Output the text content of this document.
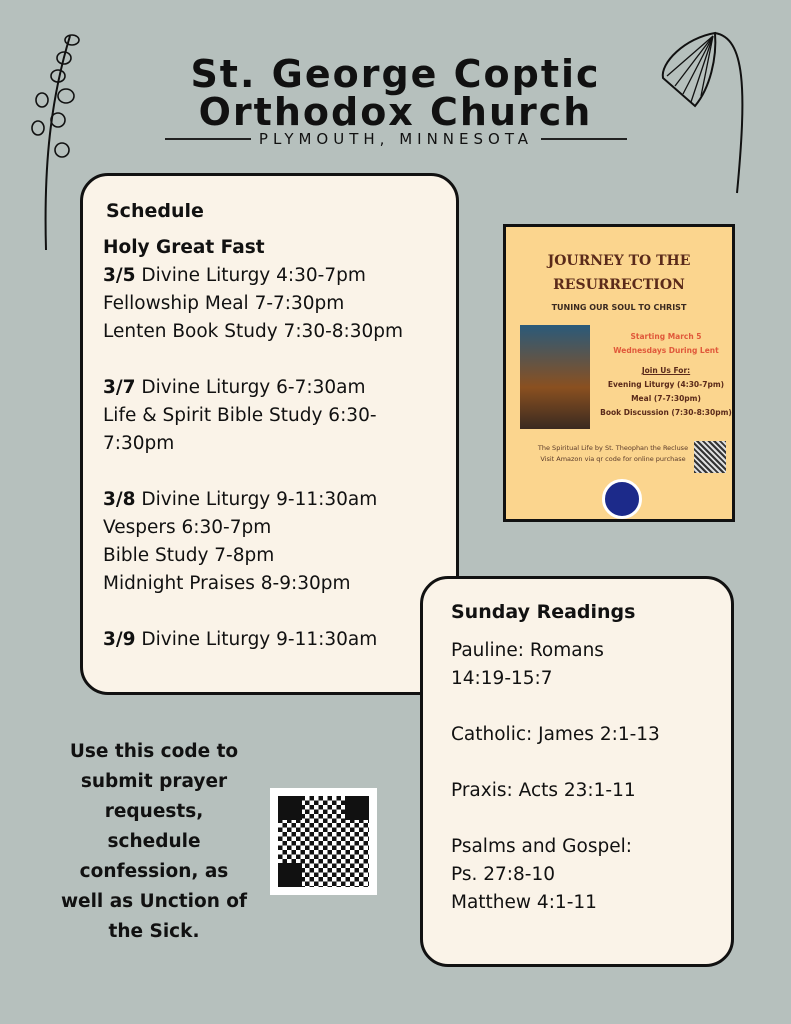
St. George Coptic
Orthodox Church
PLYMOUTH, MINNESOTA
Schedule
Holy Great Fast
3/5 Divine Liturgy 4:30-7pm
Fellowship Meal 7-7:30pm
Lenten Book Study 7:30-8:30pm
3/7 Divine Liturgy 6-7:30am
Life & Spirit Bible Study 6:30-
7:30pm
3/8 Divine Liturgy 9-11:30am
Vespers 6:30-7pm
Bible Study 7-8pm
Midnight Praises 8-9:30pm
3/9 Divine Liturgy 9-11:30am
JOURNEY TO THE
RESURRECTION
TUNING OUR SOUL TO CHRIST
Starting March 5
Wednesdays During Lent
Join Us For:
Evening Liturgy (4:30-7pm)
Meal (7-7:30pm)
Book Discussion (7:30-8:30pm)
The Spiritual Life by St. Theophan the Recluse
Visit Amazon via qr code for online purchase
Sunday Readings
Pauline: Romans
14:19-15:7
Catholic: James 2:1-13
Praxis: Acts 23:1-11
Psalms and Gospel:
Ps. 27:8-10
Matthew 4:1-11
Use this code to submit prayer requests, schedule confession, as well as Unction of the Sick.
